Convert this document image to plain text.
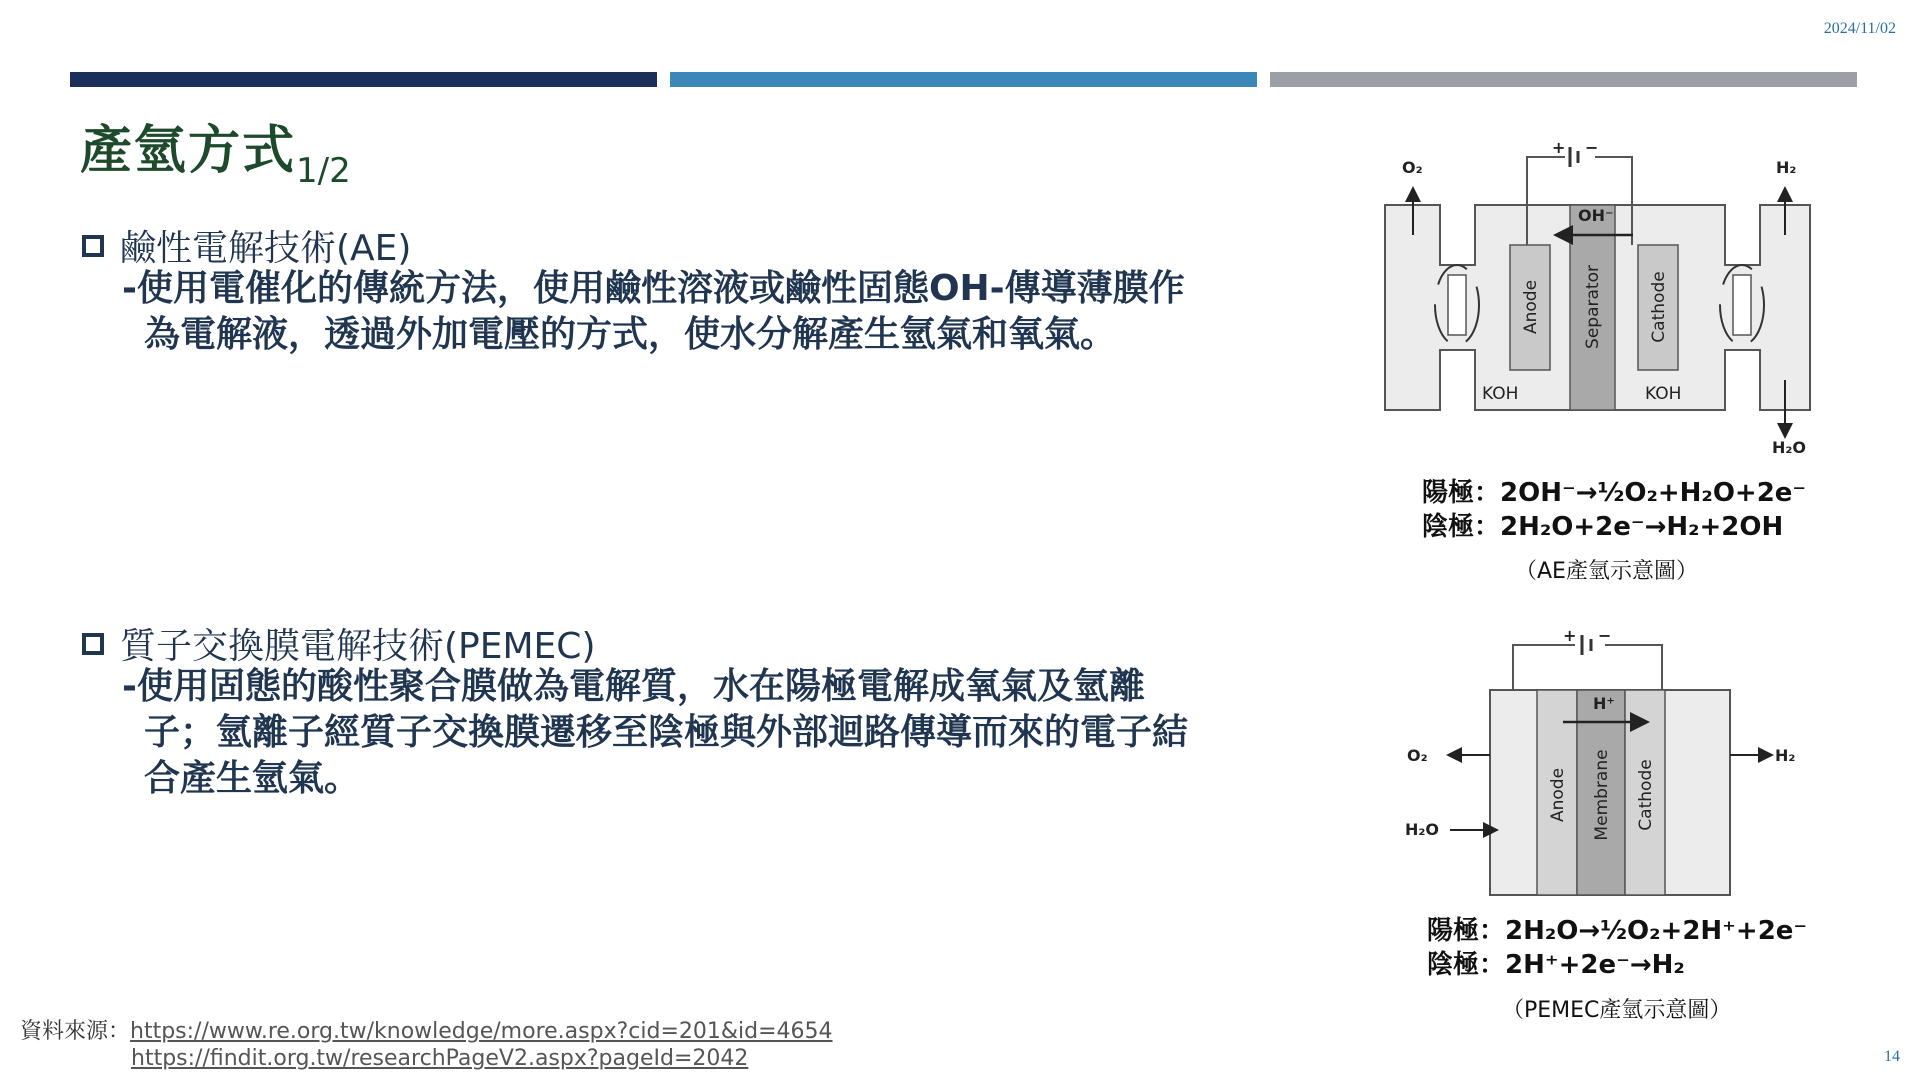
2024/11/02
產氫方式$_{1/2}$
鹼性電解技術(AE)
-使用電催化的傳統方法，使用鹼性溶液或鹼性固態OH-傳導薄膜作
為電解液，透過外加電壓的方式，使水分解產生氫氣和氧氣。
質子交換膜電解技術(PEMEC)
-使用固態的酸性聚合膜做為電解質，水在陽極電解成氧氣及氫離
子；氫離子經質子交換膜遷移至陰極與外部迴路傳導而來的電子結
合產生氫氣。
+ −
Anode Separator	Cathode
OH⁻
KOH	KOH
O₂	H₂
H₂O
陽極：2OH⁻→½O₂+H₂O+2e⁻
陰極：2H₂O+2e⁻→H₂+2OH
（AE產氫示意圖）
+ −
Anode Membrane Cathode
H⁺
O₂
H₂O
H₂
陽極：2H₂O→½O₂+2H⁺+2e⁻
陰極：2H⁺+2e⁻→H₂
（PEMEC產氫示意圖）
資料來源：https://www.re.org.tw/knowledge/more.aspx?cid=201&id=4654
https://findit.org.tw/researchPageV2.aspx?pageId=2042	14
